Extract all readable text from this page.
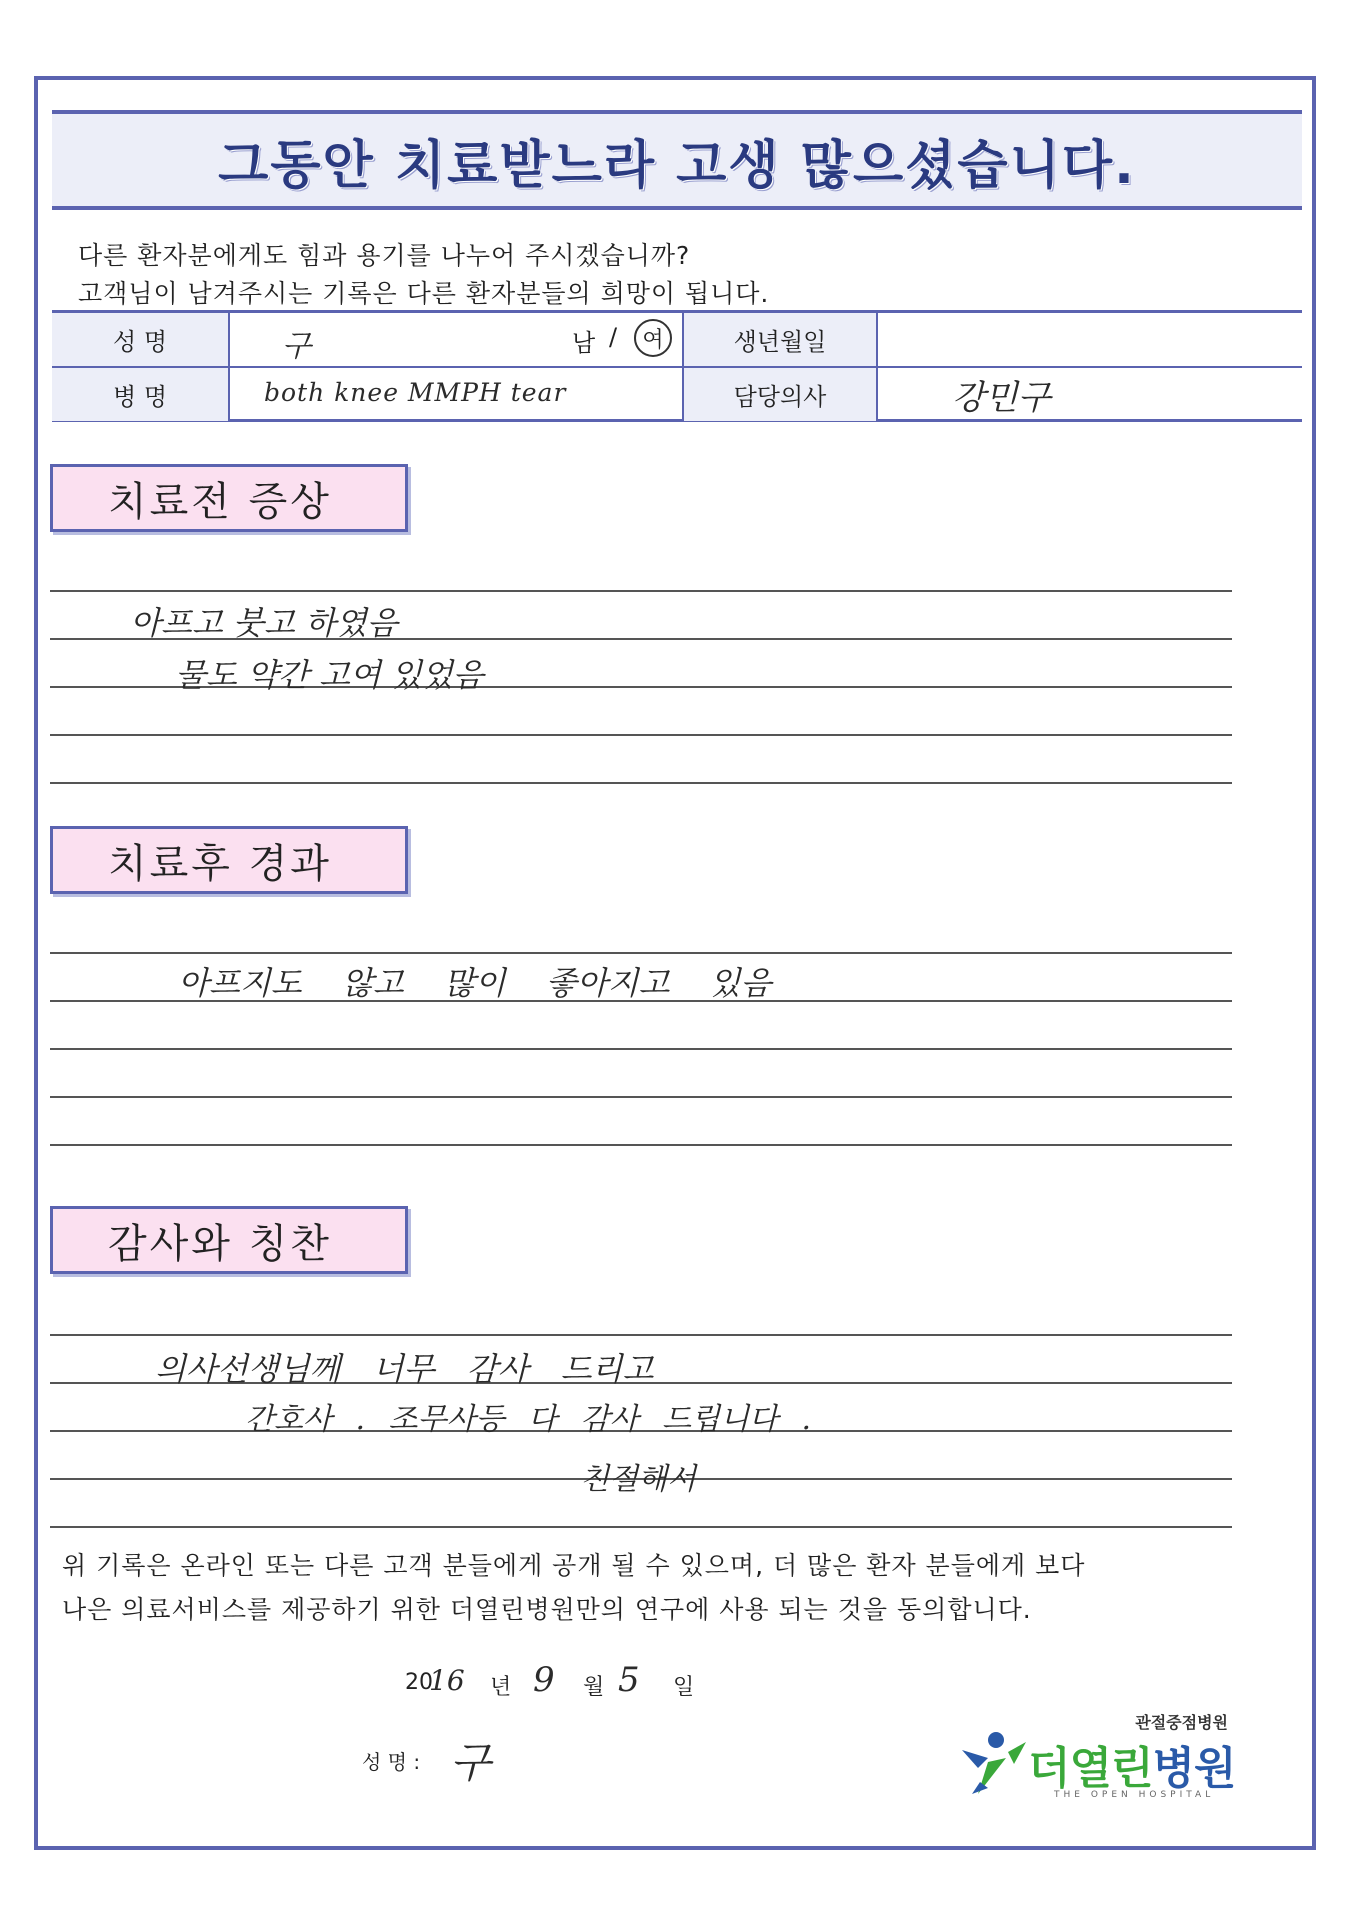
그동안 치료받느라 고생 많으셨습니다.
다른 환자분에게도 힘과 용기를 나누어 주시겠습니까?
고객님이 남겨주시는 기록은 다른 환자분들의 희망이 됩니다.
성 명	구	남 /	여	생년월일
병 명	both knee MMPH tear	담당의사	강민구
치료전 증상
아프고 붓고 하였음
물도 약간 고여 있었음
치료후 경과
아프지도 않고 많이 좋아지고 있음
감사와 칭찬
의사선생님께 너무 감사 드리고
간호사 . 조무사등 다 감사 드립니다 .
친절해서
위 기록은 온라인 또는 다른 고객 분들에게 공개 될 수 있으며, 더 많은 환자 분들에게 보다
나은 의료서비스를 제공하기 위한 더열린병원만의 연구에 사용 되는 것을 동의합니다.
20
16 년 9 월 5 일
성 명 : 구
관절중점병원
더열린병원
THE OPEN HOSPITAL
